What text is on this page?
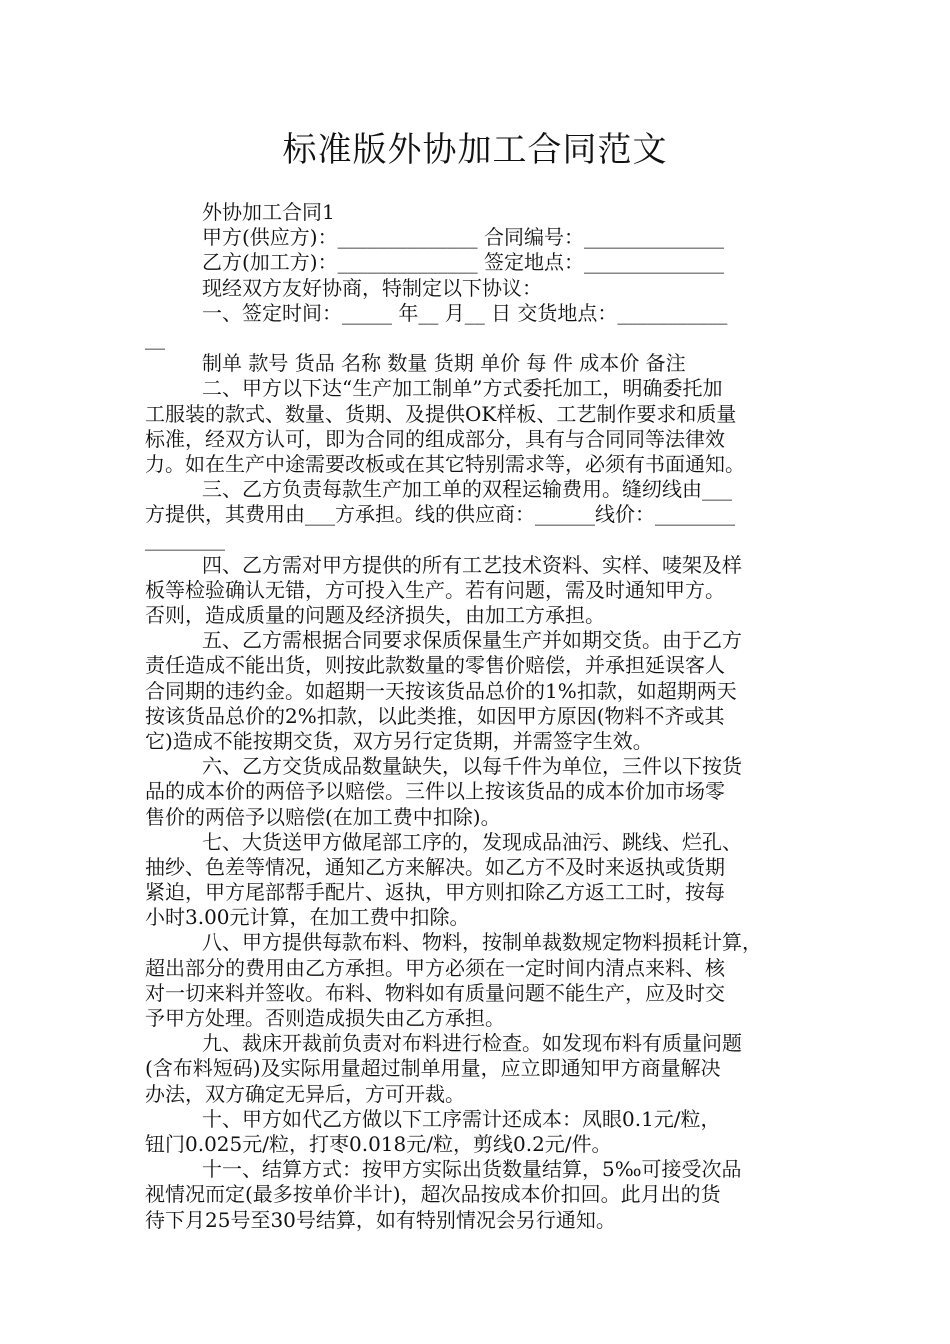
标准版外协加工合同范文
外协加工合同1
甲方(供应方)：______________ 合同编号：______________
乙方(加工方)：______________ 签定地点：______________
现经双方友好协商，特制定以下协议：
一、签定时间：_____ 年__ 月__ 日 交货地点：___________
__
制单 款号 货品 名称 数量 货期 单价 每 件 成本价 备注
二、甲方以下达“生产加工制单”方式委托加工，明确委托加
工服装的款式、数量、货期、及提供OK样板、工艺制作要求和质量
标准，经双方认可，即为合同的组成部分，具有与合同同等法律效
力。如在生产中途需要改板或在其它特别需求等，必须有书面通知。
三、乙方负责每款生产加工单的双程运输费用。缝纫线由___
方提供，其费用由___方承担。线的供应商：______线价：________
________
四、乙方需对甲方提供的所有工艺技术资料、实样、唛架及样
板等检验确认无错，方可投入生产。若有问题，需及时通知甲方。
否则，造成质量的问题及经济损失，由加工方承担。
五、乙方需根据合同要求保质保量生产并如期交货。由于乙方
责任造成不能出货，则按此款数量的零售价赔偿，并承担延误客人
合同期的违约金。如超期一天按该货品总价的1%扣款，如超期两天
按该货品总价的2%扣款，以此类推，如因甲方原因(物料不齐或其
它)造成不能按期交货，双方另行定货期，并需签字生效。
六、乙方交货成品数量缺失，以每千件为单位，三件以下按货
品的成本价的两倍予以赔偿。三件以上按该货品的成本价加市场零
售价的两倍予以赔偿(在加工费中扣除)。
七、大货送甲方做尾部工序的，发现成品油污、跳线、烂孔、
抽纱、色差等情况，通知乙方来解决。如乙方不及时来返执或货期
紧迫，甲方尾部帮手配片、返执，甲方则扣除乙方返工工时，按每
小时3.00元计算，在加工费中扣除。
八、甲方提供每款布料、物料，按制单裁数规定物料损耗计算，
超出部分的费用由乙方承担。甲方必须在一定时间内清点来料、核
对一切来料并签收。布料、物料如有质量问题不能生产，应及时交
予甲方处理。否则造成损失由乙方承担。
九、裁床开裁前负责对布料进行检查。如发现布料有质量问题
(含布料短码)及实际用量超过制单用量，应立即通知甲方商量解决
办法，双方确定无异后，方可开裁。
十、甲方如代乙方做以下工序需计还成本：凤眼0.1元/粒，
钮门0.025元/粒，打枣0.018元/粒，剪线0.2元/件。
十一、结算方式：按甲方实际出货数量结算，5‰可接受次品
视情况而定(最多按单价半计)，超次品按成本价扣回。此月出的货
待下月25号至30号结算，如有特别情况会另行通知。
